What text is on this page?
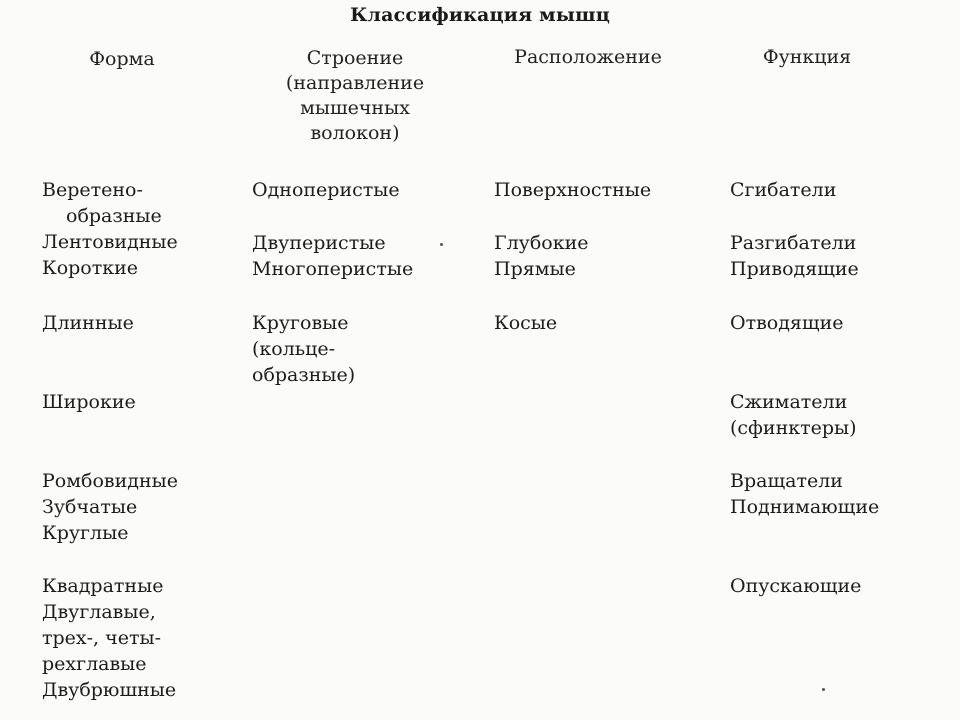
Классификация мышц
Форма	Строение
(направление
мышечных
волокон)
Расположение	Функция
Веретено-
образные
Лентовидные
Короткие
Длинные
Широкие
Ромбовидные
Зубчатые
Круглые
Квадратные
Двуглавые,
трех-, четы-
рехглавые
Двубрюшные
Одноперистые
Двуперистые
Многоперистые
Круговые
(кольце-
образные)
Поверхностные
Глубокие
Прямые
Косые
Сгибатели
Разгибатели
Приводящие
Отводящие
Сжиматели
(сфинктеры)
Вращатели
Поднимающие
Опускающие
